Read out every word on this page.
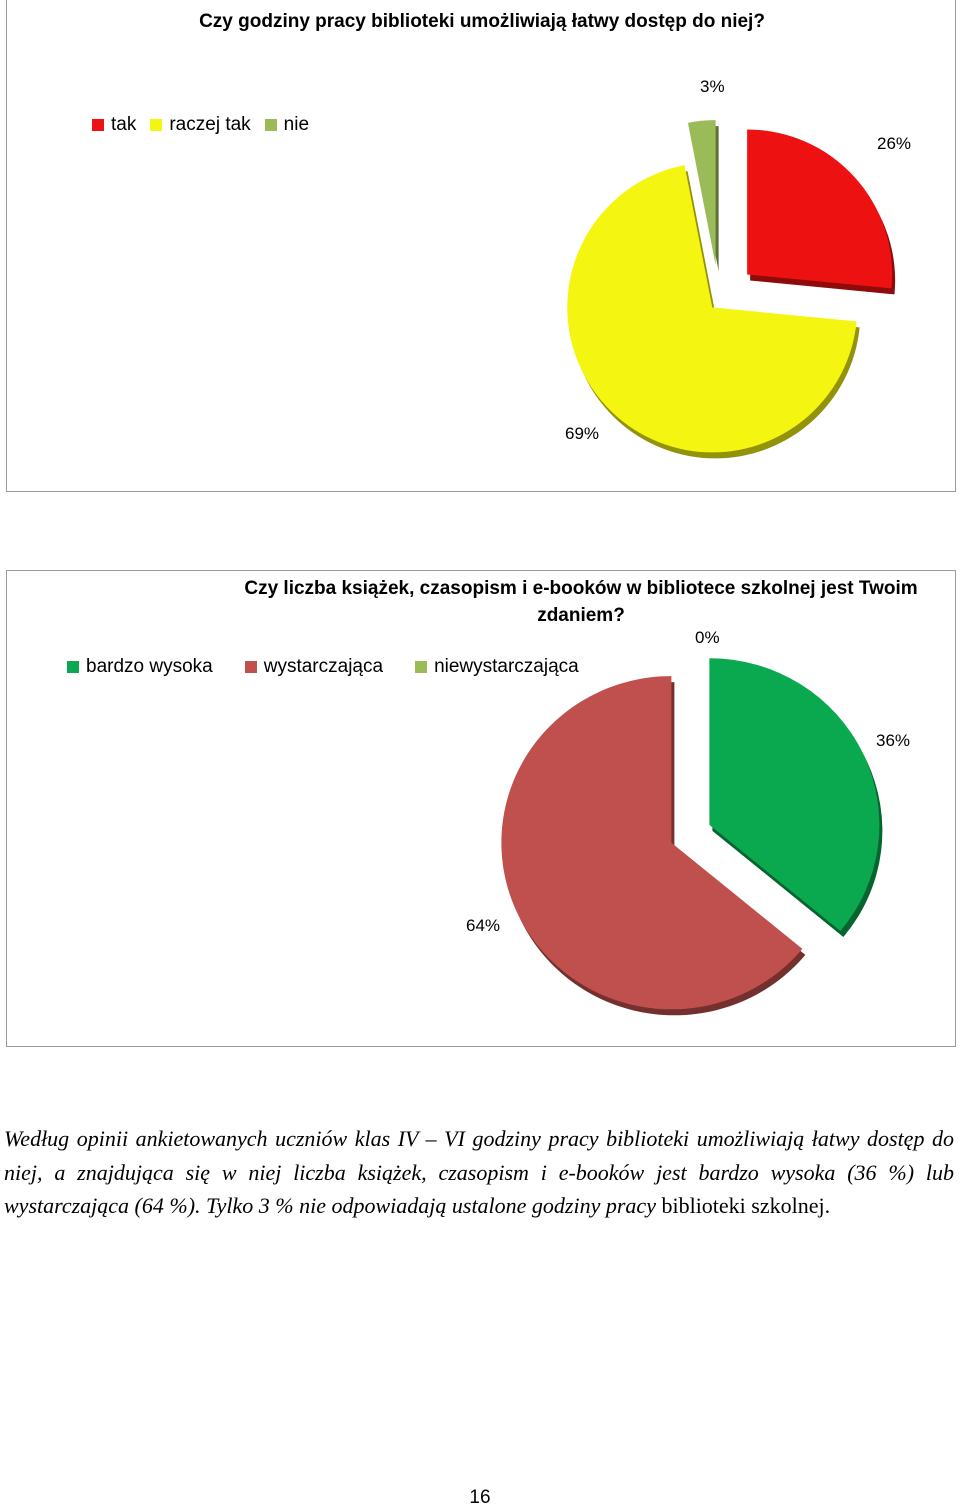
Czy godziny pracy biblioteki umożliwiają łatwy dostęp do niej?
tak raczej tak nie
3%
26%
69%
Czy liczba książek, czasopism i e-booków w bibliotece szkolnej jest Twoim zdaniem?
bardzo wysoka	wystarczająca	niewystarczająca
0%
36%
64%
Według opinii ankietowanych uczniów klas IV – VI godziny pracy biblioteki umożliwiają łatwy dostęp do niej, a znajdująca się w niej liczba książek, czasopism i e-booków jest bardzo wysoka (36 %) lub wystarczająca (64 %). Tylko 3 % nie odpowiadają ustalone godziny pracy biblioteki szkolnej.
16
